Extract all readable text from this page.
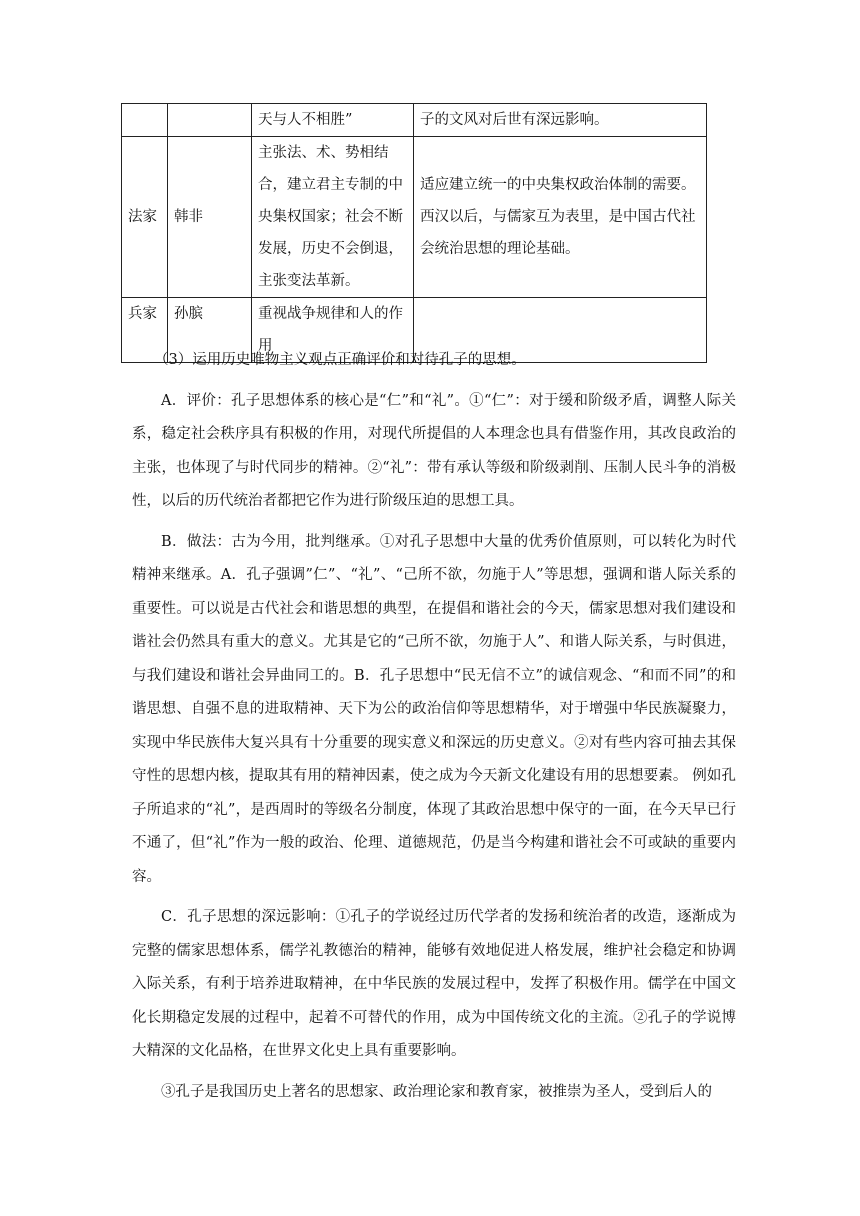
		天与人不相胜”	子的文风对后世有深远影响。
法家	韩非	主张法、术、势相结合，建立君主专制的中央集权国家；社会不断发展，历史不会倒退，主张变法革新。	适应建立统一的中央集权政治体制的需要。西汉以后，与儒家互为表里，是中国古代社会统治思想的理论基础。
兵家	孙膑	重视战争规律和人的作用	

（3）运用历史唯物主义观点正确评价和对待孔子的思想。

A．评价：孔子思想体系的核心是“仁”和“礼”。①“仁”：对于缓和阶级矛盾，调整人际关系，稳定社会秩序具有积极的作用，对现代所提倡的人本理念也具有借鉴作用，其改良政治的主张，也体现了与时代同步的精神。②“礼”：带有承认等级和阶级剥削、压制人民斗争的消极性，以后的历代统治者都把它作为进行阶级压迫的思想工具。

B．做法：古为今用，批判继承。①对孔子思想中大量的优秀价值原则，可以转化为时代精神来继承。A．孔子强调”仁”、“礼”、“己所不欲，勿施于人”等思想，强调和谐人际关系的重要性。可以说是古代社会和谐思想的典型，在提倡和谐社会的今天，儒家思想对我们建设和谐社会仍然具有重大的意义。尤其是它的“己所不欲，勿施于人”、和谐人际关系，与时俱进，与我们建设和谐社会异曲同工的。B．孔子思想中“民无信不立”的诚信观念、“和而不同”的和谐思想、自强不息的进取精神、天下为公的政治信仰等思想精华，对于增强中华民族凝聚力，实现中华民族伟大复兴具有十分重要的现实意义和深远的历史意义。②对有些内容可抽去其保守性的思想内核，提取其有用的精神因素，使之成为今天新文化建设有用的思想要素。 例如孔子所追求的“礼”，是西周时的等级名分制度，体现了其政治思想中保守的一面，在今天早已行不通了，但“礼”作为一般的政治、伦理、道德规范，仍是当今构建和谐社会不可或缺的重要内容。

C．孔子思想的深远影响：①孔子的学说经过历代学者的发扬和统治者的改造，逐渐成为完整的儒家思想体系，儒学礼教德治的精神，能够有效地促进人格发展，维护社会稳定和协调入际关系，有利于培养进取精神，在中华民族的发展过程中，发挥了积极作用。儒学在中国文化长期稳定发展的过程中，起着不可替代的作用，成为中国传统文化的主流。②孔子的学说博大精深的文化品格，在世界文化史上具有重要影响。

③孔子是我国历史上著名的思想家、政治理论家和教育家，被推崇为圣人，受到后人的
